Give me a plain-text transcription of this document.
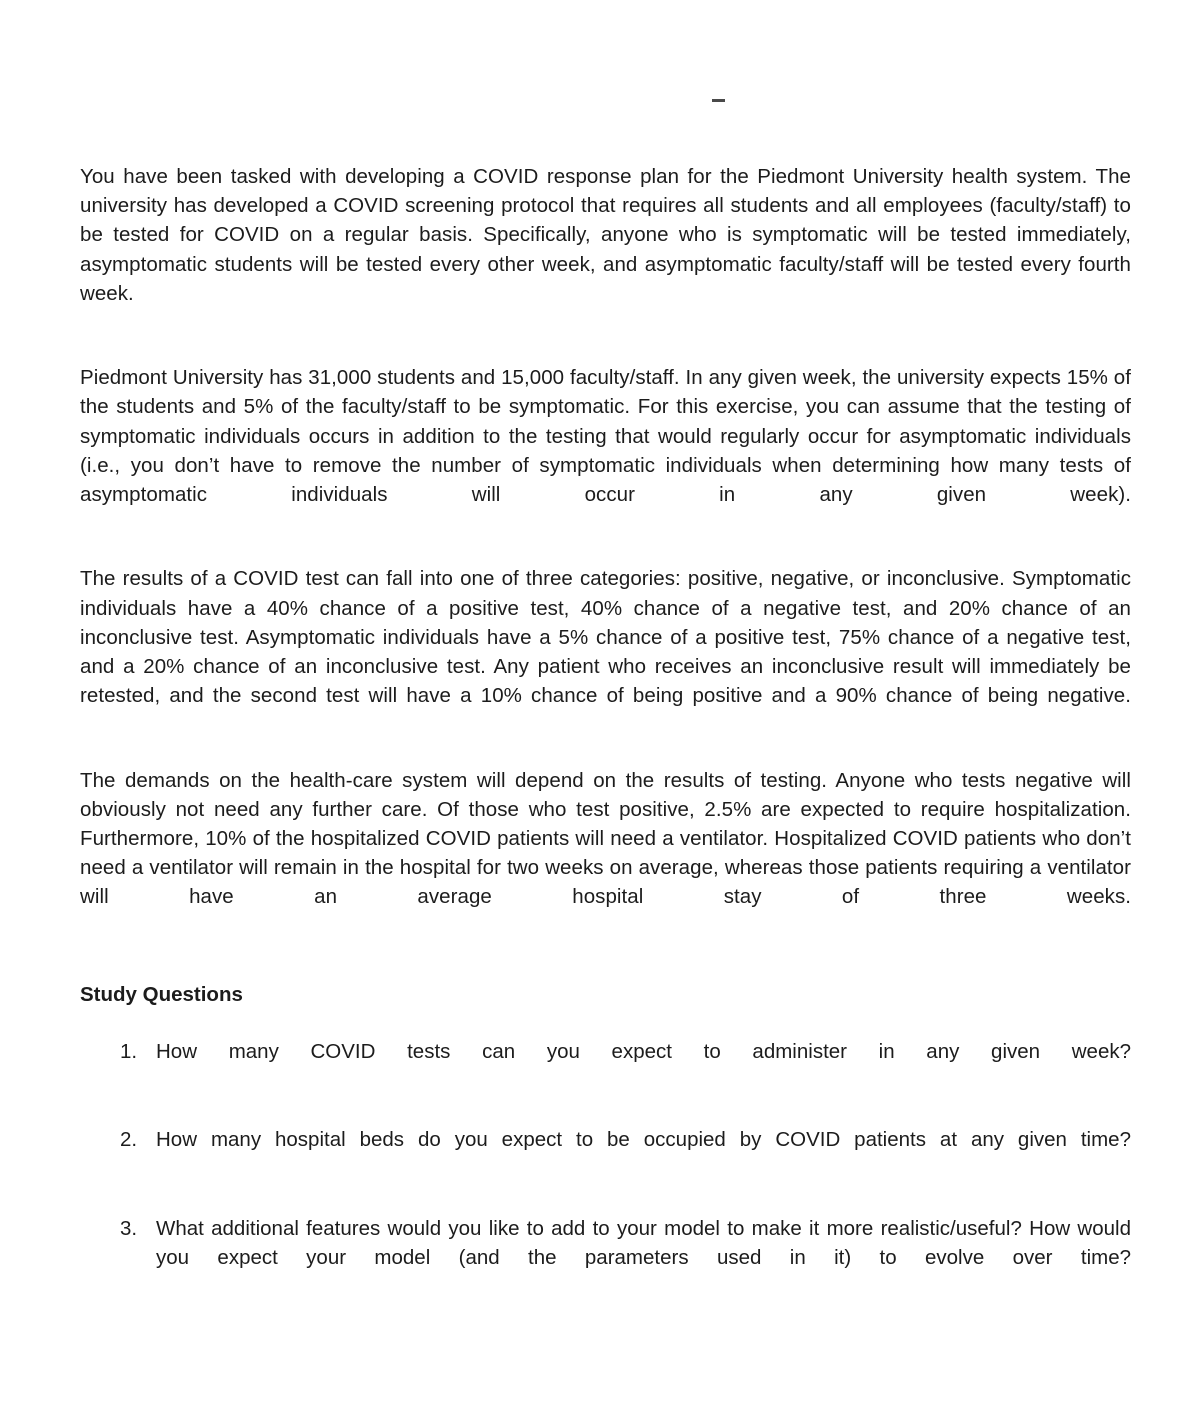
You have been tasked with developing a COVID response plan for the Piedmont University health system. The university has developed a COVID screening protocol that requires all students and all employees (faculty/staff) to be tested for COVID on a regular basis. Specifically, anyone who is symptomatic will be tested immediately, asymptomatic students will be tested every other week, and asymptomatic faculty/staff will be tested every fourth week.

Piedmont University has 31,000 students and 15,000 faculty/staff. In any given week, the university expects 15% of the students and 5% of the faculty/staff to be symptomatic. For this exercise, you can assume that the testing of symptomatic individuals occurs in addition to the testing that would regularly occur for asymptomatic individuals (i.e., you don’t have to remove the number of symptomatic individuals when determining how many tests of asymptomatic individuals will occur in any given week).

The results of a COVID test can fall into one of three categories: positive, negative, or inconclusive. Symptomatic individuals have a 40% chance of a positive test, 40% chance of a negative test, and 20% chance of an inconclusive test. Asymptomatic individuals have a 5% chance of a positive test, 75% chance of a negative test, and a 20% chance of an inconclusive test. Any patient who receives an inconclusive result will immediately be retested, and the second test will have a 10% chance of being positive and a 90% chance of being negative.

The demands on the health-care system will depend on the results of testing. Anyone who tests negative will obviously not need any further care. Of those who test positive, 2.5% are expected to require hospitalization. Furthermore, 10% of the hospitalized COVID patients will need a ventilator. Hospitalized COVID patients who don’t need a ventilator will remain in the hospital for two weeks on average, whereas those patients requiring a ventilator will have an average hospital stay of three weeks.

Study Questions
How many COVID tests can you expect to administer in any given week?
How many hospital beds do you expect to be occupied by COVID patients at any given time?
What additional features would you like to add to your model to make it more realistic/useful? How would you expect your model (and the parameters used in it) to evolve over time?
